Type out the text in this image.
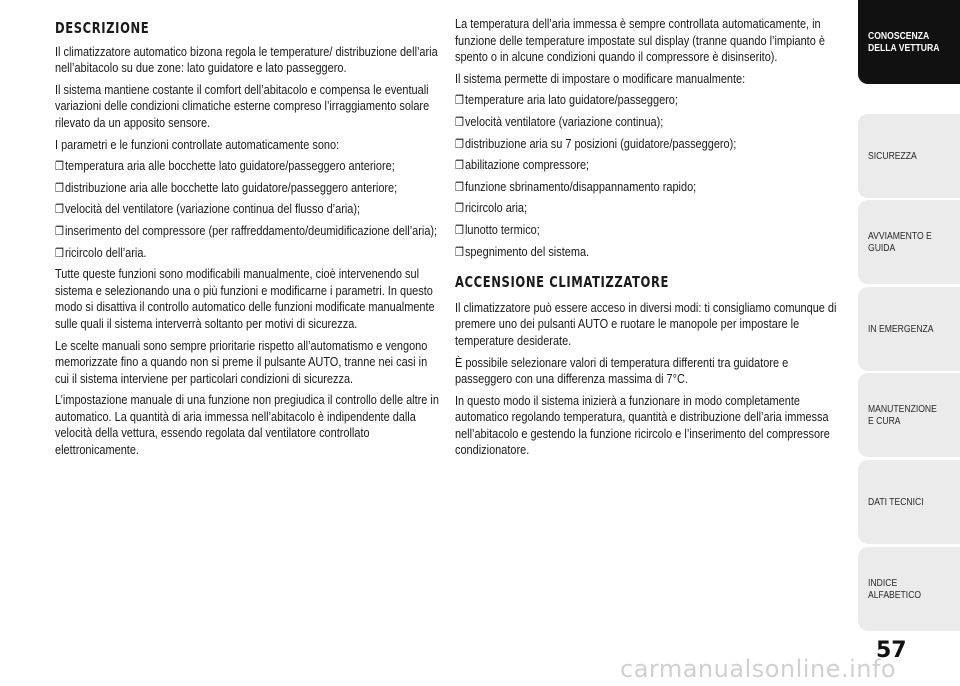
DESCRIZIONE

Il climatizzatore automatico bizona regola le temperature/ distribuzione dell’aria nell’abitacolo su due zone: lato guidatore e lato passeggero.

Il sistema mantiene costante il comfort dell’abitacolo e compensa le eventuali variazioni delle condizioni climatiche esterne compreso l’irraggiamento solare rilevato da un apposito sensore.

I parametri e le funzioni controllate automaticamente sono:

❒ temperatura aria alle bocchette lato guidatore/passeggero anteriore;
❒ distribuzione aria alle bocchette lato guidatore/passeggero anteriore;
❒ velocità del ventilatore (variazione continua del flusso d’aria);
❒ inserimento del compressore (per raffreddamento/deumidificazione dell’aria);
❒ ricircolo dell’aria.

Tutte queste funzioni sono modificabili manualmente, cioè intervenendo sul sistema e selezionando una o più funzioni e modificarne i parametri. In questo modo si disattiva il controllo automatico delle funzioni modificate manualmente sulle quali il sistema interverrà soltanto per motivi di sicurezza.

Le scelte manuali sono sempre prioritarie rispetto all’automatismo e vengono memorizzate fino a quando non si preme il pulsante AUTO, tranne nei casi in cui il sistema interviene per particolari condizioni di sicurezza.

L’impostazione manuale di una funzione non pregiudica il controllo delle altre in automatico. La quantità di aria immessa nell’abitacolo è indipendente dalla velocità della vettura, essendo regolata dal ventilatore controllato elettronicamente.

La temperatura dell’aria immessa è sempre controllata automaticamente, in funzione delle temperature impostate sul display (tranne quando l’impianto è spento o in alcune condizioni quando il compressore è disinserito).

Il sistema permette di impostare o modificare manualmente:

❒ temperature aria lato guidatore/passeggero;
❒ velocità ventilatore (variazione continua);
❒ distribuzione aria su 7 posizioni (guidatore/passeggero);
❒ abilitazione compressore;
❒ funzione sbrinamento/disappannamento rapido;
❒ ricircolo aria;
❒ lunotto termico;
❒ spegnimento del sistema.
ACCENSIONE CLIMATIZZATORE

Il climatizzatore può essere acceso in diversi modi: ti consigliamo comunque di premere uno dei pulsanti AUTO e ruotare le manopole per impostare le temperature desiderate.

È possibile selezionare valori di temperatura differenti tra guidatore e passeggero con una differenza massima di 7°C.

In questo modo il sistema inizierà a funzionare in modo completamente automatico regolando temperatura, quantità e distribuzione dell’aria immessa nell’abitacolo e gestendo la funzione ricircolo e l’inserimento del compressore condizionatore.

CONOSCENZA DELLA VETTURA
SICUREZZA
AVVIAMENTO E GUIDA
IN EMERGENZA
MANUTENZIONE E CURA
DATI TECNICI
INDICE ALFABETICO
57
carmanualsonline.info
